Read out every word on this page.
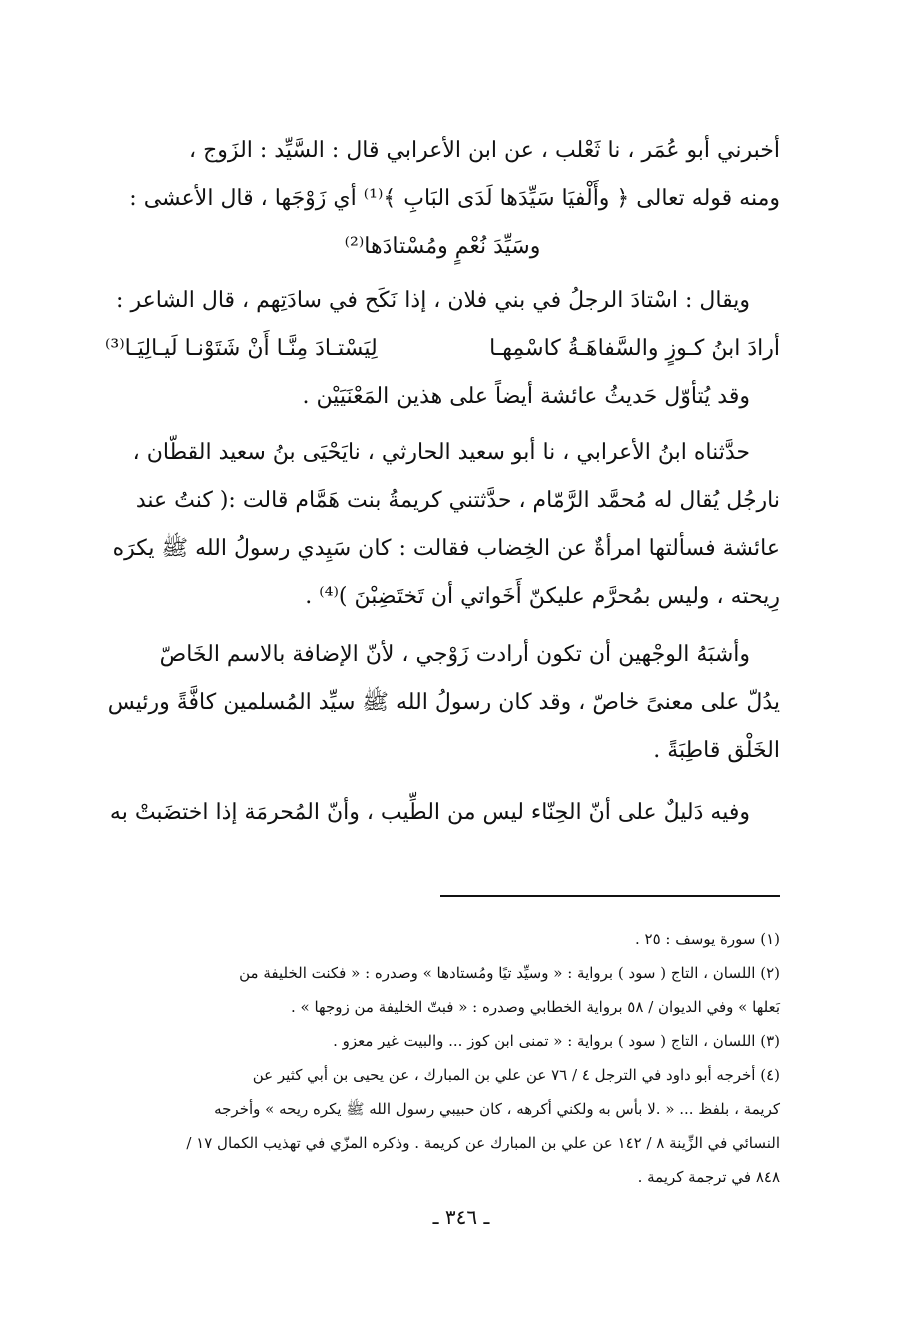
أخبرني أبو عُمَر ، نا ثَعْلب ، عن ابن الأعرابي قال : السَّيِّد : الزَوج ،

ومنه قوله تعالى ﴿ وأَلْفيَا سَيِّدَها لَدَى البَابِ ﴾⁽¹⁾ أي زَوْجَها ، قال الأعشى :

وسَيِّدَ نُعْمٍ ومُسْتادَها⁽²⁾

ويقال : اسْتادَ الرجلُ في بني فلان ، إذا نَكَح في سادَتِهم ، قال الشاعر :

أرادَ ابنُ كـوزٍ والسَّفاهَـةُ كاسْمِهـا
لِيَسْتـادَ مِنَّـا أَنْ شَتَوْنـا لَيـالِيَـا⁽³⁾

وقد يُتأوّل حَديثُ عائشة أيضاً على هذين المَعْنَيَيْن .

حدَّثناه ابنُ الأعرابي ، نا أبو سعيد الحارثي ، نايَحْيَى بنُ سعيد القطّان ،

نارجُل يُقال له مُحمَّد الرَّمّام ، حدَّثتني كريمةُ بنت هَمَّام قالت :( كنتُ عند

عائشة فسألتها امرأةٌ عن الخِضاب فقالت : كان سَيِدي رسولُ الله ﷺ يكرَه

رِيحته ، وليس بمُحرَّم عليكنّ أَخَواتي أن تَختَضِبْنَ )⁽⁴⁾ .

وأشبَهُ الوجْهين أن تكون أرادت زَوْجي ، لأنّ الإضافة بالاسم الخَاصّ

يدُلّ على معنىً خاصّ ، وقد كان رسولُ الله ﷺ سيِّد المُسلمين كافَّةً ورئيس

الخَلْق قاطِبَةً .

وفيه دَليلٌ على أنّ الحِنّاء ليس من الطِّيب ، وأنّ المُحرمَة إذا اختضَبتْ به

(١) سورة يوسف : ٢٥ .

(٢) اللسان ، التاج ( سود ) برواية : « وسيِّد تيًا ومُستادها » وصدره : « فكنت الخليفة من

بَعلها » وفي الديوان / ٥٨ برواية الخطابي وصدره : « فبتّ الخليفة من زوجها » .

(٣) اللسان ، التاج ( سود ) برواية : « تمنى ابن كوز ... والبيت غير معزو .

(٤) أخرجه أبو داود في الترجل ٤ / ٧٦ عن علي بن المبارك ، عن يحيى بن أبي كثير عن

كريمة ، بلفظ ... « .لا بأس به ولكني أكرهه ، كان حبيبي رسول الله ﷺ يكره ريحه » وأخرجه

النسائي في الزِّينة ٨ / ١٤٢ عن علي بن المبارك عن كريمة . وذكره المزّي في تهذيب الكمال ١٧ /

٨٤٨ في ترجمة كريمة .

ـ ٣٤٦ ـ
